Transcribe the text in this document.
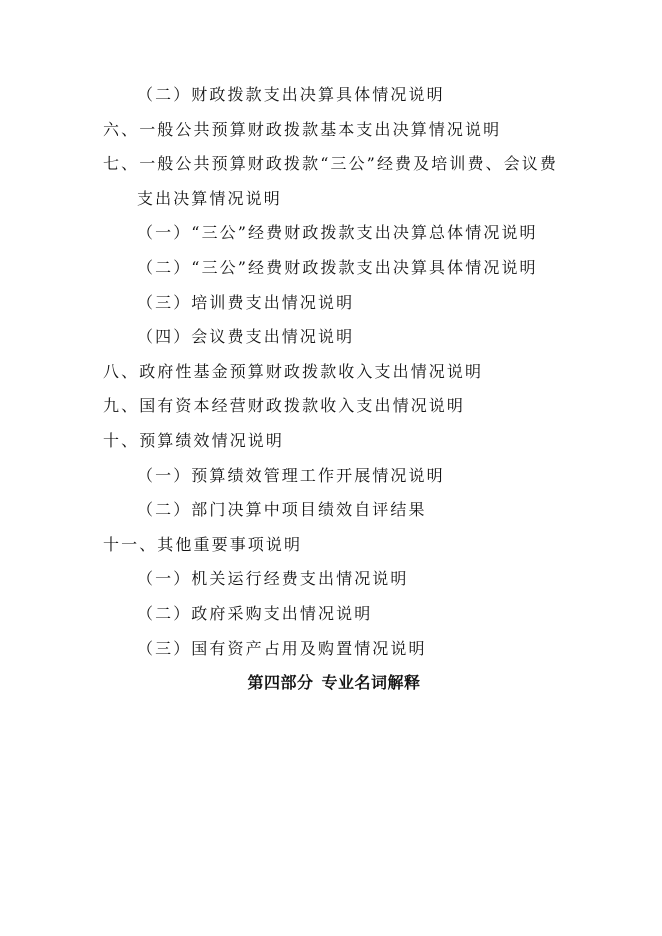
（二）财政拨款支出决算具体情况说明
六、一般公共预算财政拨款基本支出决算情况说明
七、一般公共预算财政拨款“三公”经费及培训费、会议费
支出决算情况说明
（一）“三公”经费财政拨款支出决算总体情况说明
（二）“三公”经费财政拨款支出决算具体情况说明
（三）培训费支出情况说明
（四）会议费支出情况说明
八、政府性基金预算财政拨款收入支出情况说明
九、国有资本经营财政拨款收入支出情况说明
十、预算绩效情况说明
（一）预算绩效管理工作开展情况说明
（二）部门决算中项目绩效自评结果
十一、其他重要事项说明
（一）机关运行经费支出情况说明
（二）政府采购支出情况说明
（三）国有资产占用及购置情况说明
第四部分 专业名词解释
